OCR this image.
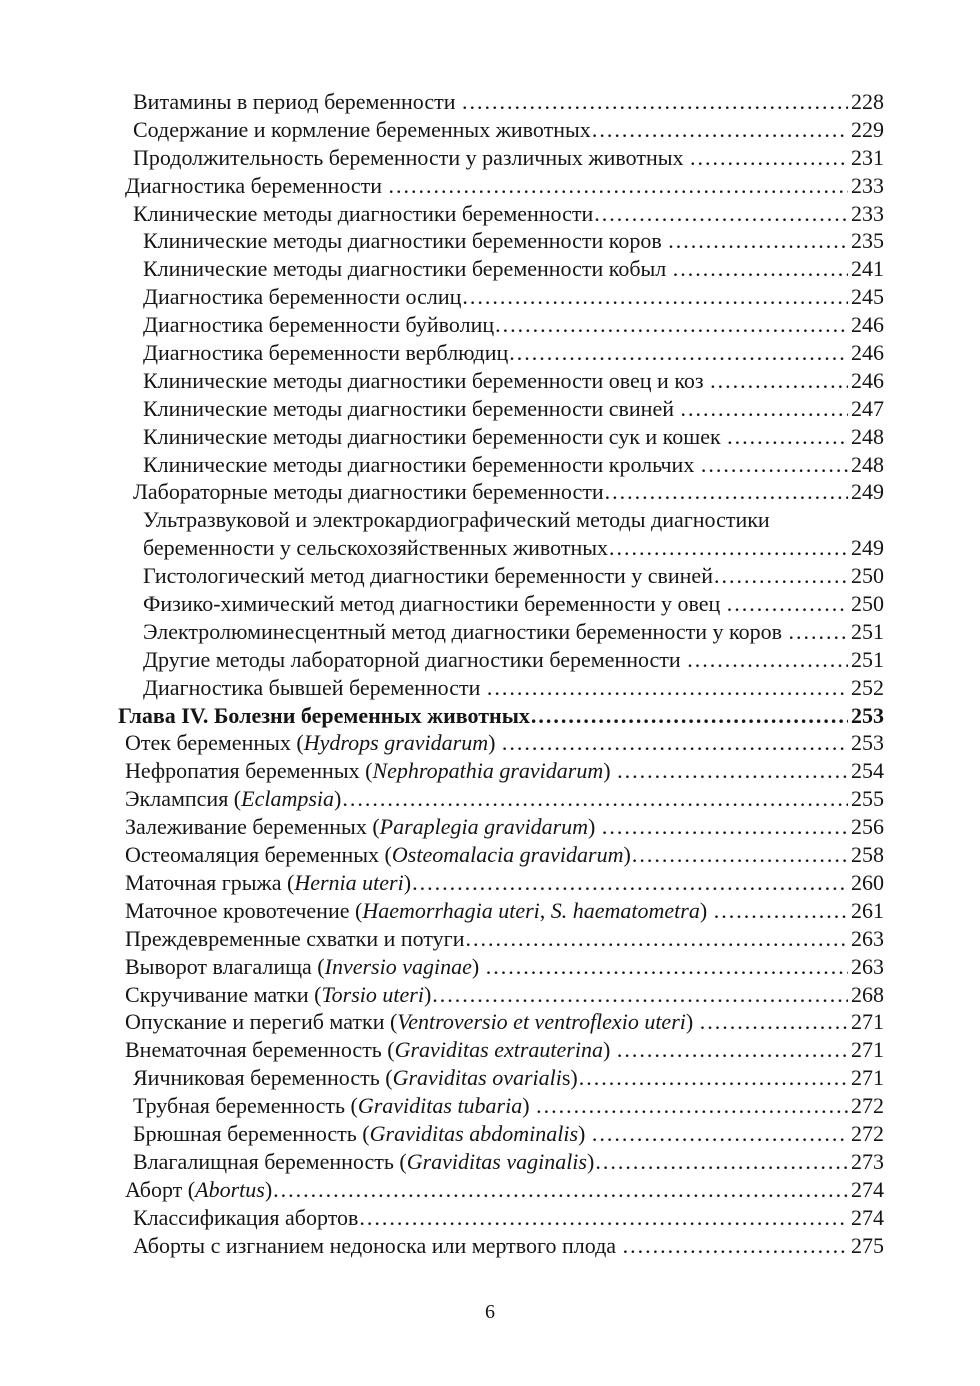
Витамины в период беременности .....	228
Содержание и кормление беременных животных .....	229
Продолжительность беременности у различных животных .....	231
Диагностика беременности .....	233
Клинические методы диагностики беременности .....	233
Клинические методы диагностики беременности коров .....	235
Клинические методы диагностики беременности кобыл .....	241
Диагностика беременности ослиц .....	245
Диагностика беременности буйволиц .....	246
Диагностика беременности верблюдиц .....	246
Клинические методы диагностики беременности овец и коз .....	246
Клинические методы диагностики беременности свиней .....	247
Клинические методы диагностики беременности сук и кошек .....	248
Клинические методы диагностики беременности крольчих .....	248
Лабораторные методы диагностики беременности .....	249
Ультразвуковой и электрокардиографический методы диагностики
беременности у сельскохозяйственных животных .....	249
Гистологический метод диагностики беременности у свиней .....	250
Физико-химический метод диагностики беременности у овец .....	250
Электролюминесцентный метод диагностики беременности у коров .....	251
Другие методы лабораторной диагностики беременности .....	251
Диагностика бывшей беременности .....	252
Глава IV. Болезни беременных животных .....	253
Отек беременных (Hydrops gravidarum) .....	253
Нефропатия беременных (Nephropathia gravidarum) .....	254
Эклампсия (Eclampsia) .....	255
Залеживание беременных (Paraplegia gravidarum) .....	256
Остеомаляция беременных (Osteomalacia gravidarum) .....	258
Маточная грыжа (Hernia uteri) .....	260
Маточное кровотечение (Haemorrhagia uteri, S. haematometra) .....	261
Преждевременные схватки и потуги .....	263
Выворот влагалища (Inversio vaginae) .....	263
Скручивание матки (Torsio uteri) .....	268
Опускание и перегиб матки (Ventroversio et ventroflexio uteri) .....	271
Внематочная беременность (Graviditas extrauterina) .....	271
Яичниковая беременность (Graviditas ovarialis) .....	271
Трубная беременность (Graviditas tubaria) .....	272
Брюшная беременность (Graviditas abdominalis) .....	272
Влагалищная беременность (Graviditas vaginalis) .....	273
Аборт (Abortus) .....	274
Классификация абортов .....	274
Аборты с изгнанием недоноска или мертвого плода .....	275
6
